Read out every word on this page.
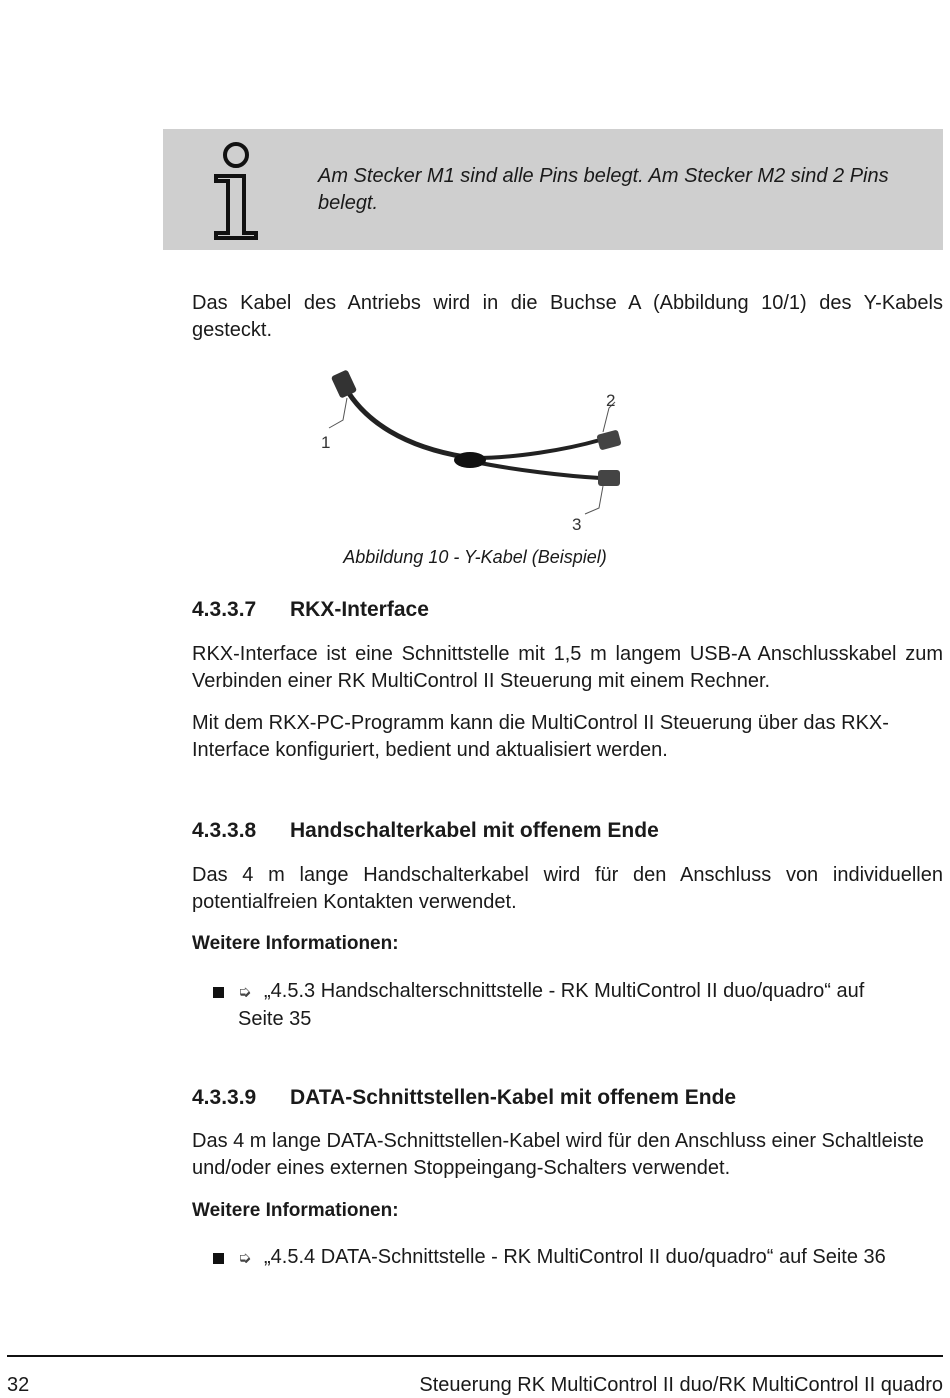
Am Stecker M1 sind alle Pins belegt. Am Stecker M2 sind 2 Pins belegt.

Das Kabel des Antriebs wird in die Buchse A (Abbildung 10/1) des Y-Kabels gesteckt.

1
2
3
Abbildung 10 - Y-Kabel (Beispiel)
4.3.3.7 RKX-Interface

RKX-Interface ist eine Schnittstelle mit 1,5 m langem USB-A Anschlusskabel zum Verbinden einer RK MultiControl II Steuerung mit einem Rechner.

Mit dem RKX-PC-Programm kann die MultiControl II Steuerung über das RKX-Interface konfiguriert, bedient und aktualisiert werden.

4.3.3.8 Handschalterkabel mit offenem Ende

Das 4 m lange Handschalterkabel wird für den Anschluss von individuellen potentialfreien Kontakten verwendet.

Weitere Informationen:
➭ „4.5.3 Handschalterschnittstelle - RK MultiControl II duo/quadro“ auf Seite 35
4.3.3.9 DATA-Schnittstellen-Kabel mit offenem Ende

Das 4 m lange DATA-Schnittstellen-Kabel wird für den Anschluss einer Schaltleiste und/oder eines externen Stoppeingang-Schalters verwendet.

Weitere Informationen:
➭ „4.5.4 DATA-Schnittstelle - RK MultiControl II duo/quadro“ auf Seite 36
32	Steuerung RK MultiControl II duo/RK MultiControl II quadro
